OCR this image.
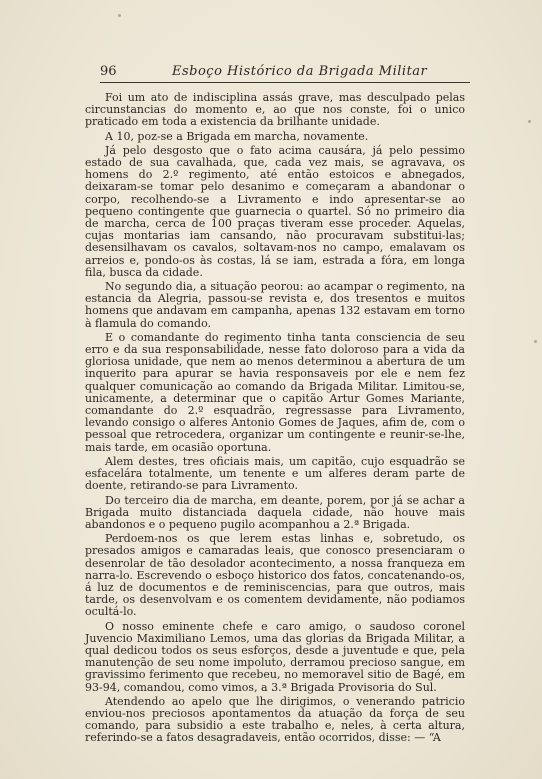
96	Esboço Histórico da Brigada Militar

Foi um ato de indisciplina assás grave, mas desculpado pelas circunstancias do momento e, ao que nos conste, foi o unico praticado em toda a existencia da brilhante unidade.

A 10, poz-se a Brigada em marcha, novamente.

Já pelo desgosto que o fato acima causára, já pelo pessimo estado de sua cavalhada, que, cada vez mais, se agravava, os homens do 2.º regimento, até então estoicos e abnegados, deixaram-se tomar pelo desanimo e começaram a abandonar o corpo, recolhendo-se a Livramento e indo apresentar-se ao pequeno contingente que guarnecia o quartel. Só no primeiro dia de marcha, cerca de 100 praças tiveram esse proceder. Aquelas, cujas montarias iam cansando, não procuravam substitui-las; desensilhavam os cavalos, soltavam-nos no campo, emalavam os arreios e, pondo-os às costas, lá se iam, estrada a fóra, em longa fila, busca da cidade.

No segundo dia, a situação peorou: ao acampar o regimento, na estancia da Alegria, passou-se revista e, dos tresentos e muitos homens que andavam em campanha, apenas 132 estavam em torno à flamula do comando.

E o comandante do regimento tinha tanta consciencia de seu erro e da sua responsabilidade, nesse fato doloroso para a vida da gloriosa unidade, que nem ao menos determinou a abertura de um inquerito para apurar se havia responsaveis por ele e nem fez qualquer comunicação ao comando da Brigada Militar. Limitou-se, unicamente, a determinar que o capitão Artur Gomes Mariante, comandante do 2.º esquadrão, regressasse para Livramento, levando consigo o alferes Antonio Gomes de Jaques, afim de, com o pessoal que retrocedera, organizar um contingente e reunir-se-lhe, mais tarde, em ocasião oportuna.

Alem destes, tres oficiais mais, um capitão, cujo esquadrão se esfacelára totalmente, um tenente e um alferes deram parte de doente, retirando-se para Livramento.

Do terceiro dia de marcha, em deante, porem, por já se achar a Brigada muito distanciada daquela cidade, não houve mais abandonos e o pequeno pugilo acompanhou a 2.ª Brigada.

Perdoem-nos os que lerem estas linhas e, sobretudo, os presados amigos e camaradas leais, que conosco presenciaram o desenrolar de tão desolador acontecimento, a nossa franqueza em narra-lo. Escrevendo o esboço historico dos fatos, concatenando-os, á luz de documentos e de reminiscencias, para que outros, mais tarde, os desenvolvam e os comentem devidamente, não podiamos ocultá-lo.

O nosso eminente chefe e caro amigo, o saudoso coronel Juvencio Maximiliano Lemos, uma das glorias da Brigada Militar, a qual dedicou todos os seus esforços, desde a juventude e que, pela manutenção de seu nome impoluto, derramou precioso sangue, em gravissimo ferimento que recebeu, no memoravel sitio de Bagé, em 93-94, comandou, como vimos, a 3.ª Brigada Provisoria do Sul.

Atendendo ao apelo que lhe dirigimos, o venerando patricio enviou-nos preciosos apontamentos da atuação da força de seu comando, para subsidio a este trabalho e, neles, à certa altura, referindo-se a fatos desagradaveis, então ocorridos, disse: — “A
